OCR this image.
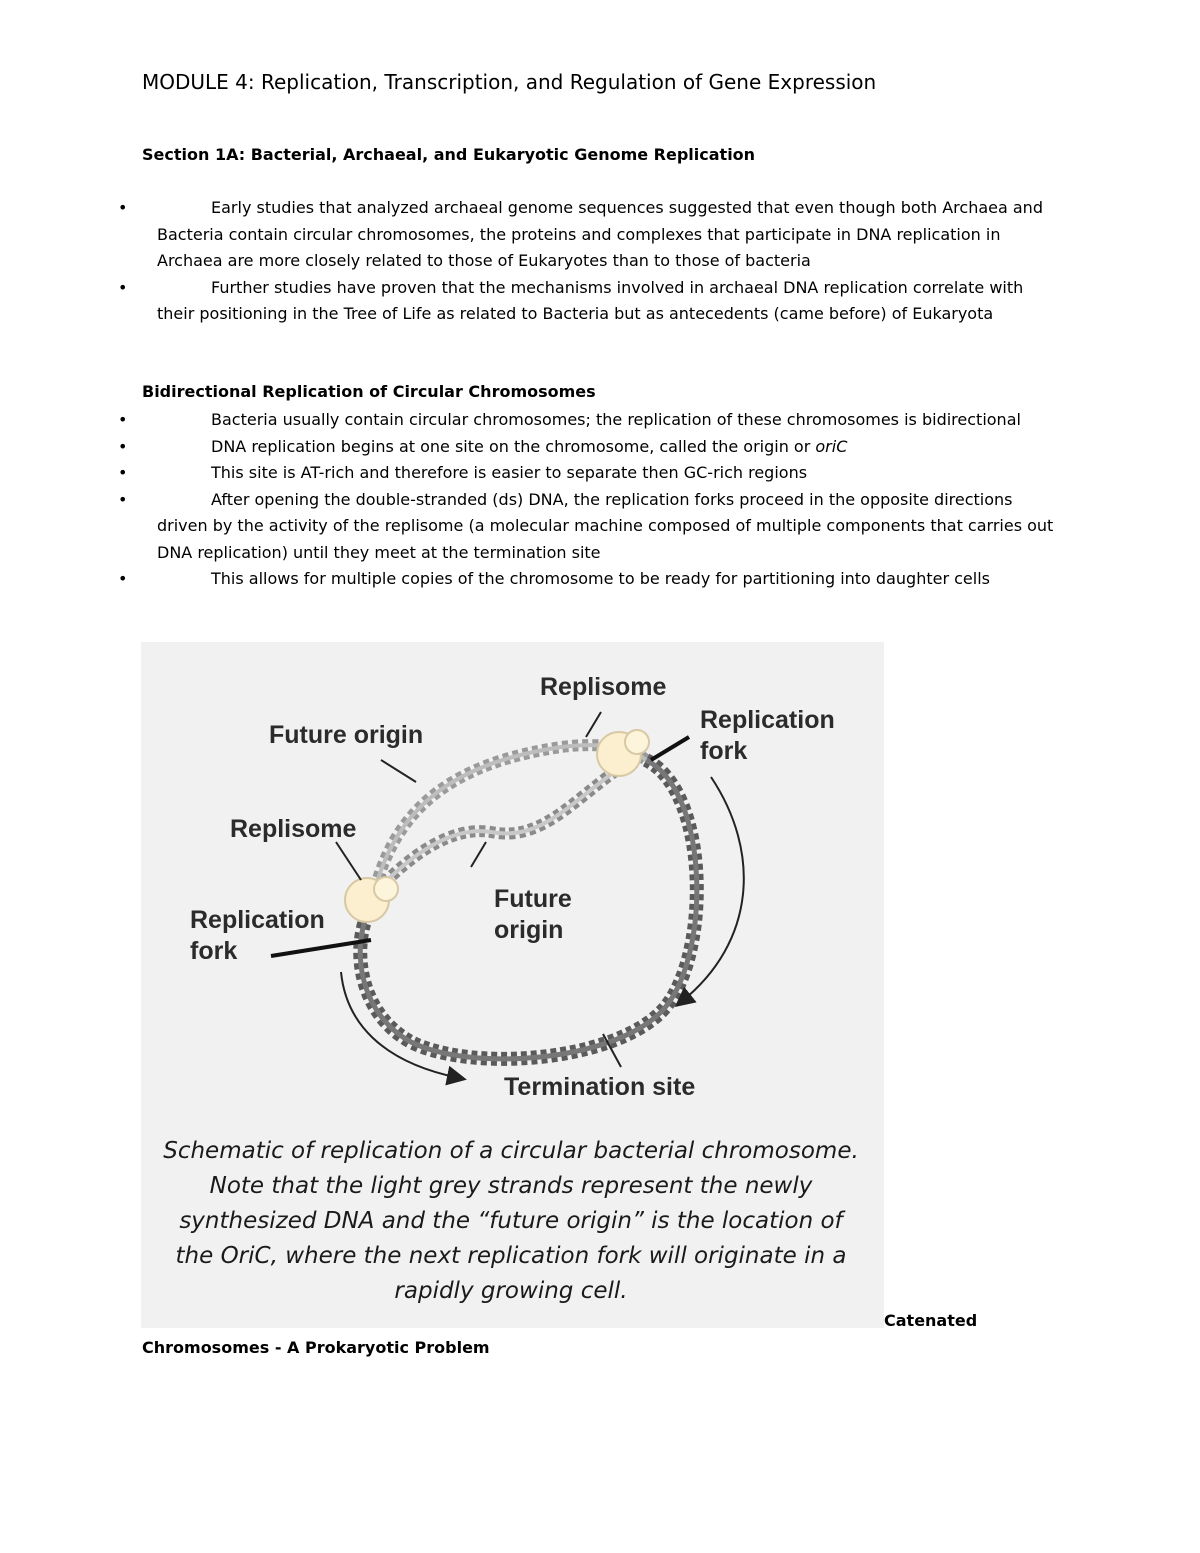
MODULE 4: Replication, Transcription, and Regulation of Gene Expression
Section 1A: Bacterial, Archaeal, and Eukaryotic Genome Replication
•	Early studies that analyzed archaeal genome sequences suggested that even though both Archaea and Bacteria contain circular chromosomes, the proteins and complexes that participate in DNA replication in Archaea are more closely related to those of Eukaryotes than to those of bacteria
•	Further studies have proven that the mechanisms involved in archaeal DNA replication correlate with their positioning in the Tree of Life as related to Bacteria but as antecedents (came before) of Eukaryota
Bidirectional Replication of Circular Chromosomes
•	Bacteria usually contain circular chromosomes; the replication of these chromosomes is bidirectional
•	DNA replication begins at one site on the chromosome, called the origin or oriC
•	This site is AT-rich and therefore is easier to separate then GC-rich regions
•	After opening the double-stranded (ds) DNA, the replication forks proceed in the opposite directions driven by the activity of the replisome (a molecular machine composed of multiple components that carries out DNA replication) until they meet at the termination site
•	This allows for multiple copies of the chromosome to be ready for partitioning into daughter cells
Replisome
Replication
fork
Future origin
Replisome
Future
origin
Replication
fork
Termination site
Schematic of replication of a circular bacterial chromosome. Note that the light grey strands represent the newly synthesized DNA and the “future origin” is the location of the OriC, where the next replication fork will originate in a rapidly growing cell.
Catenated
Chromosomes - A Prokaryotic Problem
